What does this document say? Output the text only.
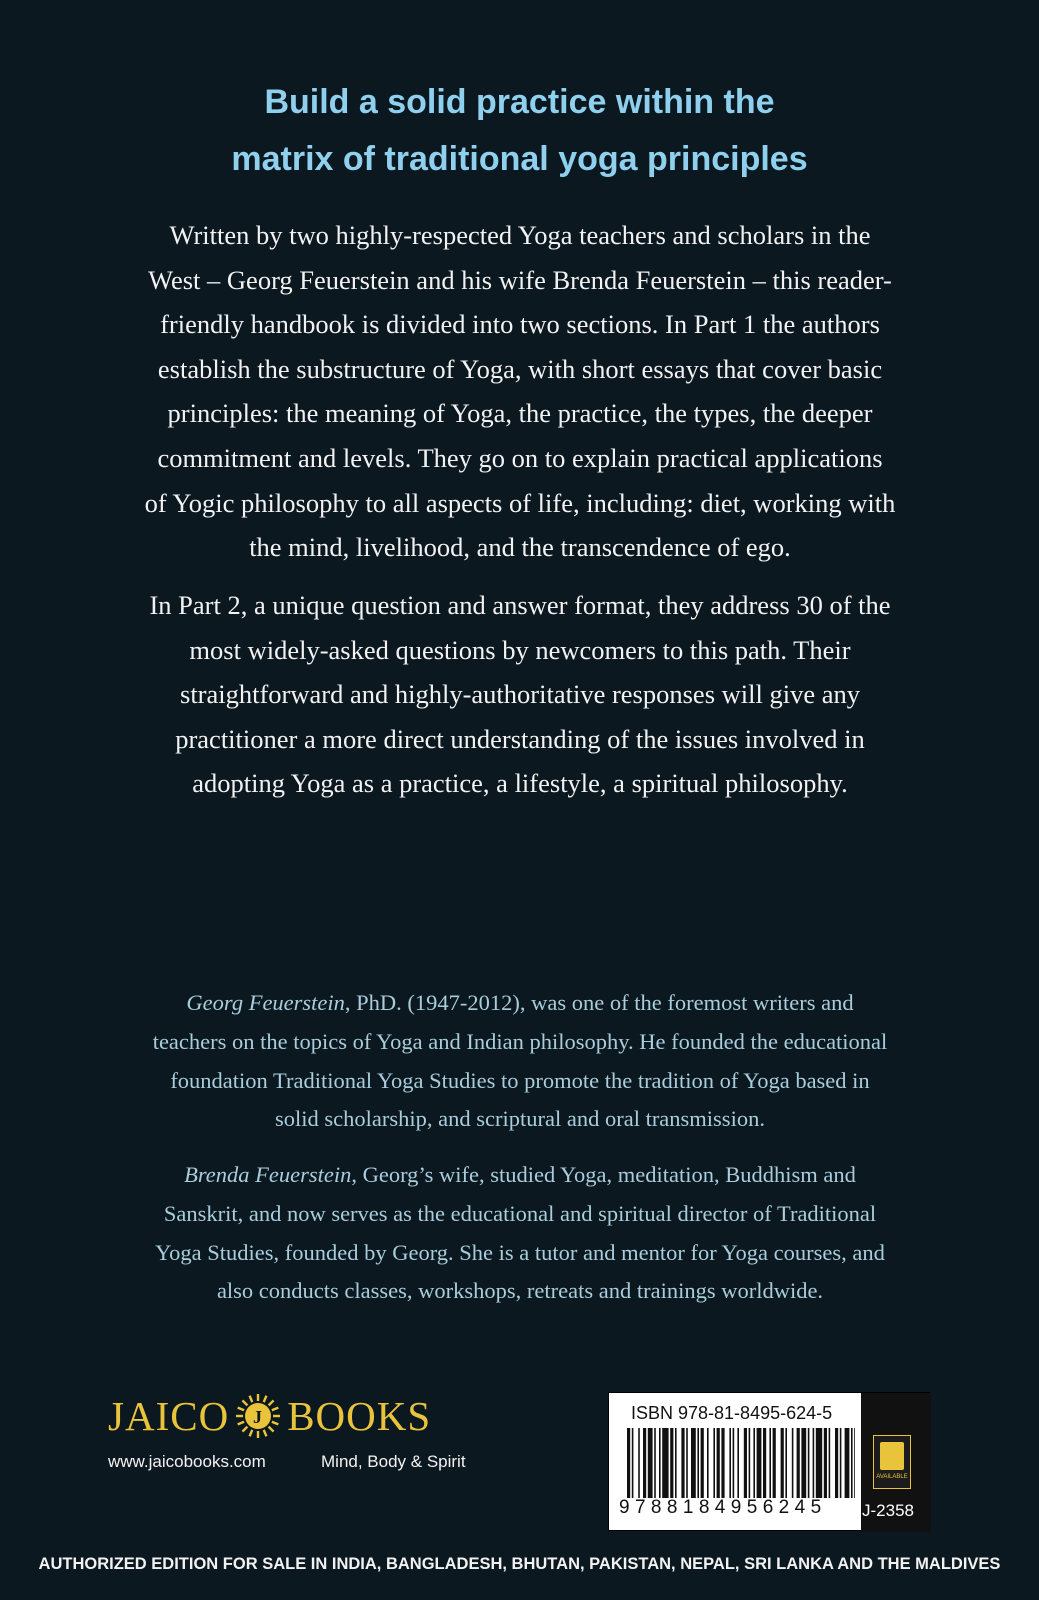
Build a solid practice within the
matrix of traditional yoga principles
Written by two highly-respected Yoga teachers and scholars in the
West – Georg Feuerstein and his wife Brenda Feuerstein – this reader-
friendly handbook is divided into two sections. In Part 1 the authors
establish the substructure of Yoga, with short essays that cover basic
principles: the meaning of Yoga, the practice, the types, the deeper
commitment and levels. They go on to explain practical applications
of Yogic philosophy to all aspects of life, including: diet, working with
the mind, livelihood, and the transcendence of ego.
In Part 2, a unique question and answer format, they address 30 of the
most widely-asked questions by newcomers to this path. Their
straightforward and highly-authoritative responses will give any
practitioner a more direct understanding of the issues involved in
adopting Yoga as a practice, a lifestyle, a spiritual philosophy.
Georg Feuerstein, PhD. (1947-2012), was one of the foremost writers and
teachers on the topics of Yoga and Indian philosophy. He founded the educational
foundation Traditional Yoga Studies to promote the tradition of Yoga based in
solid scholarship, and scriptural and oral transmission.
Brenda Feuerstein, Georg’s wife, studied Yoga, meditation, Buddhism and
Sanskrit, and now serves as the educational and spiritual director of Traditional
Yoga Studies, founded by Georg. She is a tutor and mentor for Yoga courses, and
also conducts classes, workshops, retreats and trainings worldwide.
JAICO J BOOKS
www.jaicobooks.com	Mind, Body & Spirit
ISBN 978-81-8495-624-5
9788184956245
AVAILABLE
J-2358
AUTHORIZED EDITION FOR SALE IN INDIA, BANGLADESH, BHUTAN, PAKISTAN, NEPAL, SRI LANKA AND THE MALDIVES
